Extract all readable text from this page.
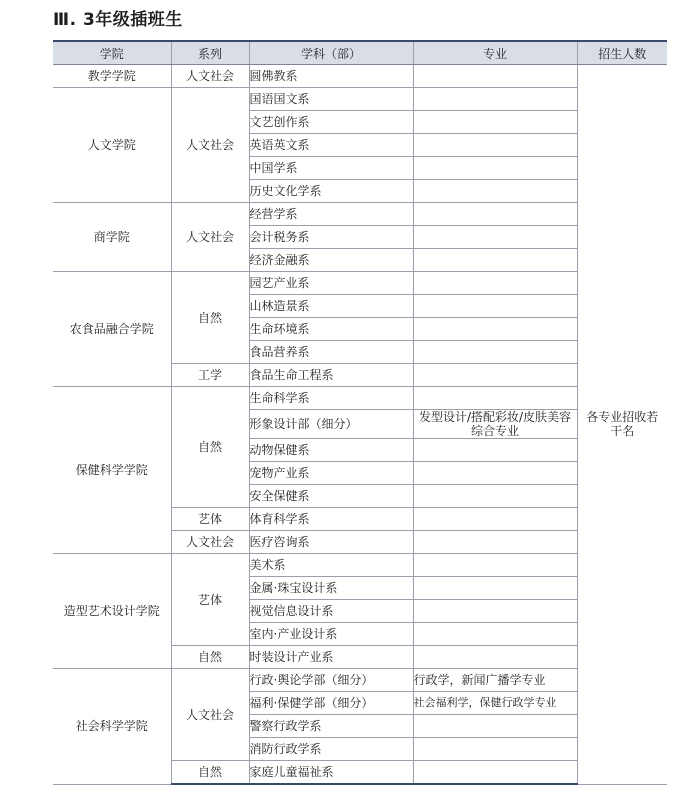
Ⅲ. 3年级插班生
学院	系列	学科（部）	专业	招生人数
教学学院	人文社会	圆佛教系		各专业招收若干名
人文学院	人文社会	国语国文系		
		文艺创作系		
		英语英文系		
		中国学系		
		历史文化学系		
商学院	人文社会	经营学系		
		会计税务系		
		经济金融系		
农食品融合学院	自然	园艺产业系		
		山林造景系		
		生命环境系		
		食品营养系		
	工学	食品生命工程系		
保健科学学院	自然	生命科学系		
		形象设计部（细分）	发型设计/搭配彩妆/皮肤美容综合专业	
		动物保健系		
		宠物产业系		
		安全保健系		
	艺体	体育科学系		
	人文社会	医疗咨询系		
造型艺术设计学院	艺体	美术系		
		金属·珠宝设计系		
		视觉信息设计系		
		室内·产业设计系		
	自然	时装设计产业系		
社会科学学院	人文社会	行政·舆论学部（细分）	行政学，新闻广播学专业	
		福利·保健学部（细分）	社会福利学，保健行政学专业	
		警察行政学系		
		消防行政学系		
	自然	家庭儿童福祉系		
